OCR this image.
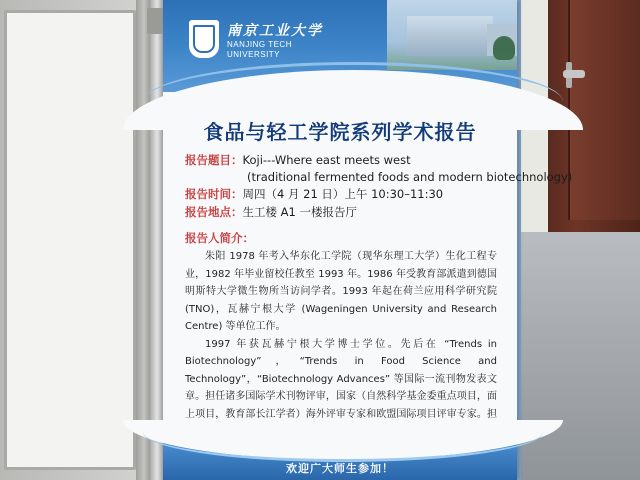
南京工业大学
NANJING TECH
UNIVERSITY
食品与轻工学院系列学术报告
报告题目：Koji---Where east meets west
(traditional fermented foods and modern biotechnology)
报告时间：周四（4 月 21 日）上午 10:30–11:30
报告地点：生工楼 A1 一楼报告厅
报告人简介：

朱阳 1978 年考入华东化工学院（现华东理工大学）生化工程专业，1982 年毕业留校任教至 1993 年。1986 年受教育部派遣到德国明斯特大学微生物所当访问学者。1993 年起在荷兰应用科学研究院 (TNO)，瓦赫宁根大学 (Wageningen University and Research Centre) 等单位工作。

1997 年获瓦赫宁根大学博士学位。先后在 “Trends in Biotechnology”，“Trends in Food Science and Technology”，“Biotechnology Advances” 等国际一流刊物发表文章。担任诸多国际学术刊物评审，国家（自然科学基金委重点项目，面上项目，教育部长江学者）海外评审专家和欧盟国际项目评审专家。担

欢迎广大师生参加！
